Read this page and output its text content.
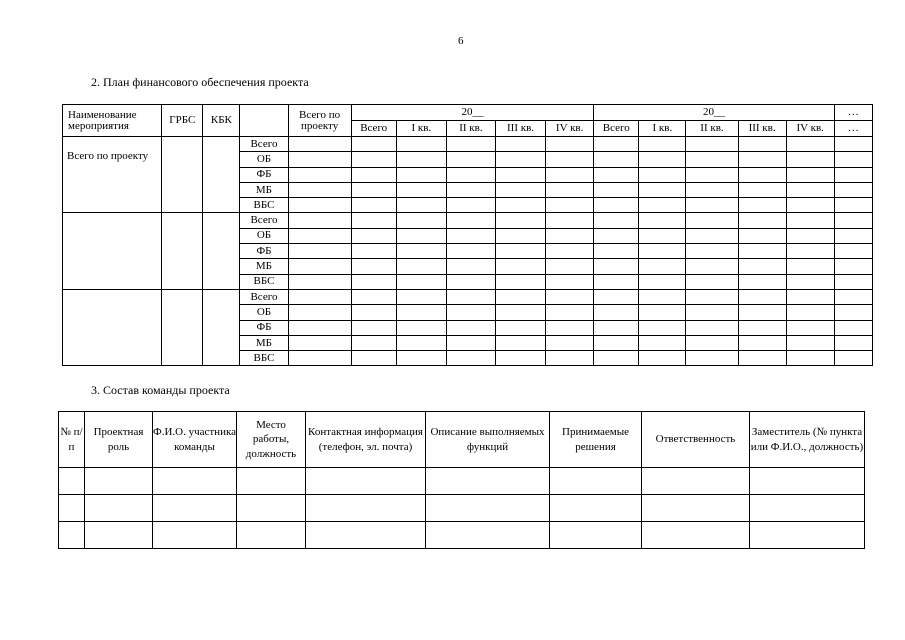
6
2. План финансового обеспечения проекта
Наименование мероприятия	ГРБС	КБК		Всего по проекту	20__					20__					…
					Всего	I кв.	II кв.	III кв.	IV кв.	Всего	I кв.	II кв.	III кв.	IV кв.	…
Всего по проекту			Всего												
			ОБ												
			ФБ												
			МБ												
			ВБС												
			Всего												
			ОБ												
			ФБ												
			МБ												
			ВБС												
			Всего												
			ОБ												
			ФБ												
			МБ												
			ВБС												
3. Состав команды проекта
№ п/п	Проектная роль	Ф.И.О. участника команды	Место работы, должность	Контактная информация (телефон, эл. почта)	Описание выполняемых функций	Принимаемые решения	Ответственность	Заместитель (№ пункта или Ф.И.О., должность)
